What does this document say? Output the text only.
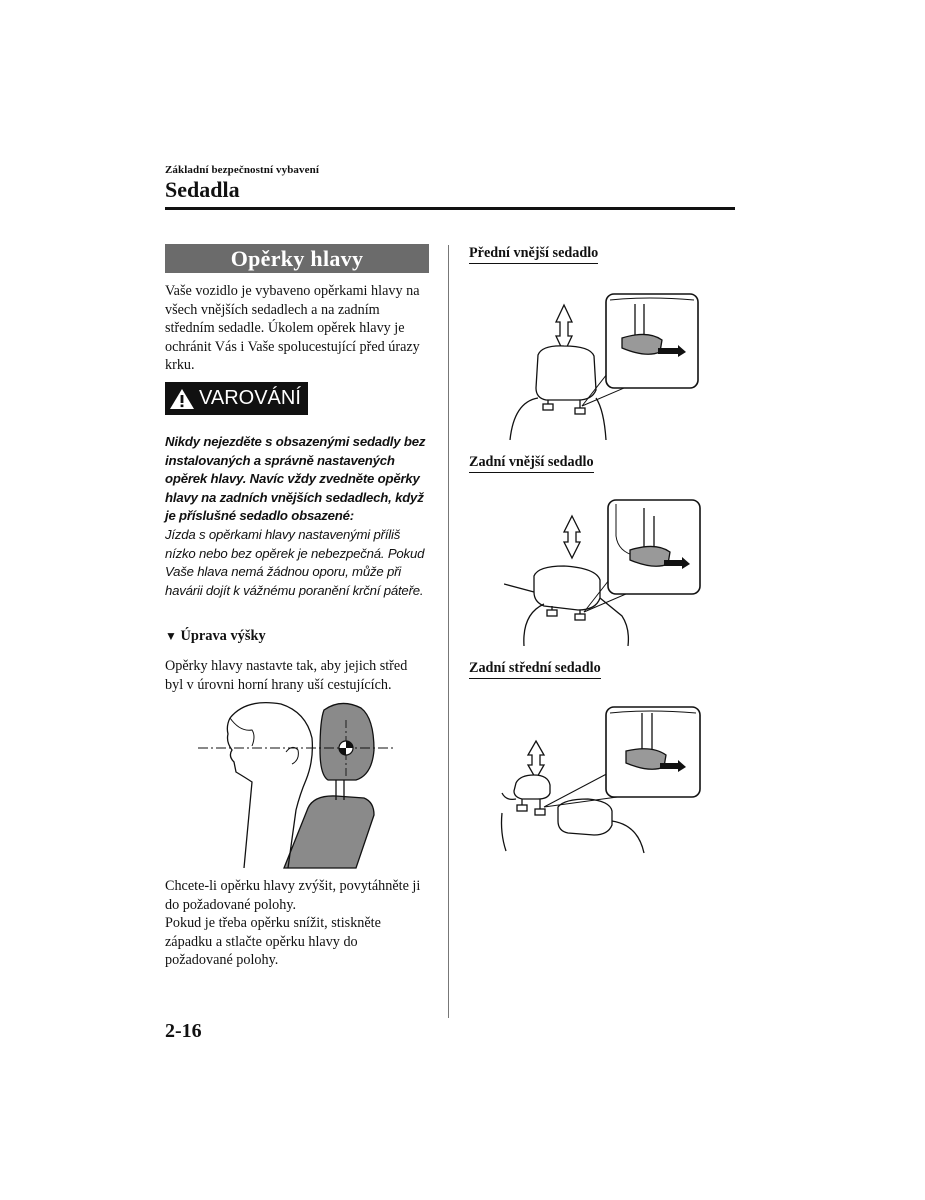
Základní bezpečnostní vybavení
Sedadla
Opěrky hlavy
Vaše vozidlo je vybaveno opěrkami hlavy na všech vnějších sedadlech a na zadním středním sedadle. Úkolem opěrek hlavy je ochránit Vás i Vaše spolucestující před úrazy krku.
VAROVÁNÍ
Nikdy nejezděte s obsazenými sedadly bez instalovaných a správně nastavených opěrek hlavy. Navíc vždy zvedněte opěrky hlavy na zadních vnějších sedadlech, když je příslušné sedadlo obsazené:
Jízda s opěrkami hlavy nastavenými příliš nízko nebo bez opěrek je nebezpečná. Pokud Vaše hlava nemá žádnou oporu, může při havárii dojít k vážnému poranění krční páteře.
▼ Úprava výšky
Opěrky hlavy nastavte tak, aby jejich střed byl v úrovni horní hrany uší cestujících.
Chcete-li opěrku hlavy zvýšit, povytáhněte ji do požadované polohy.
Pokud je třeba opěrku snížit, stiskněte západku a stlačte opěrku hlavy do požadované polohy.
Přední vnější sedadlo
Zadní vnější sedadlo
Zadní střední sedadlo
2-16
